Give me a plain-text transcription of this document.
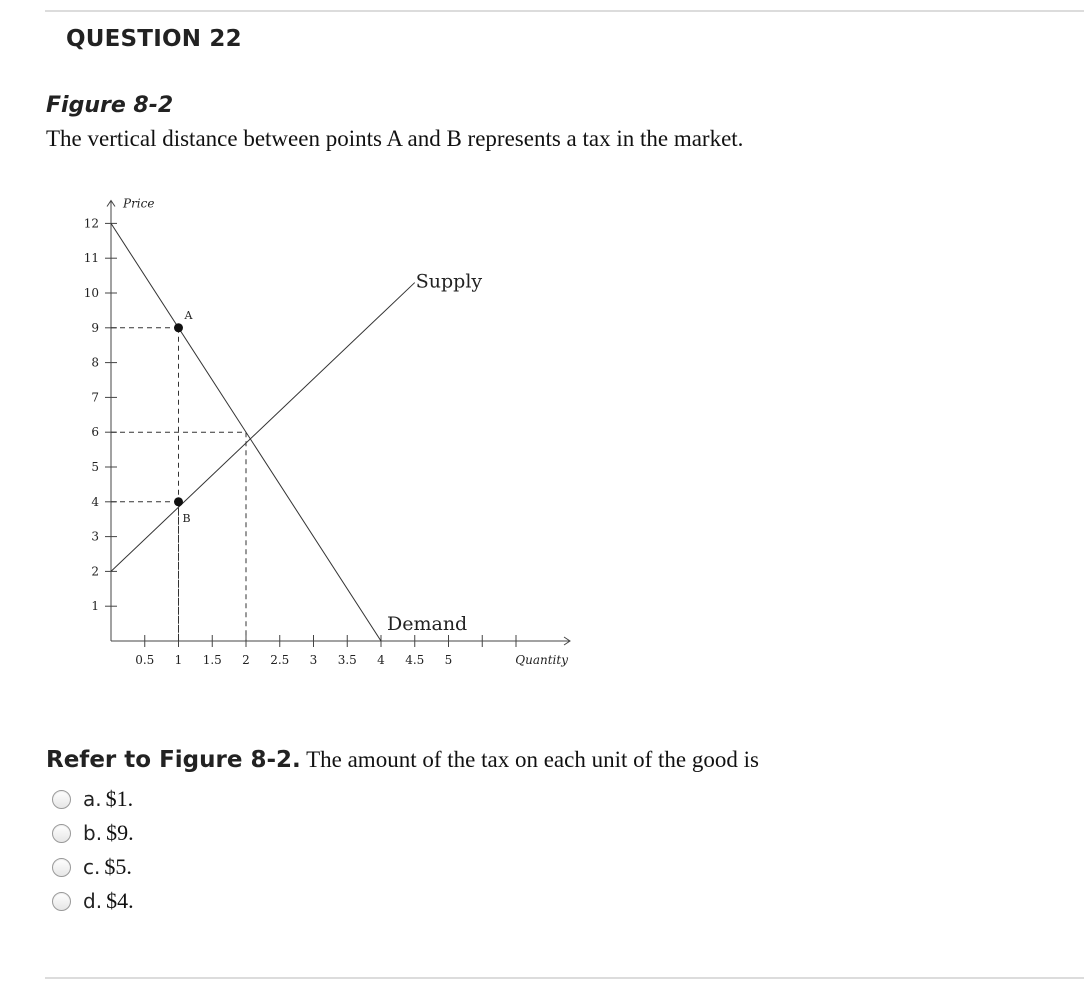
QUESTION 22
Figure 8-2
The vertical distance between points A and B represents a tax in the market.
Price
Quantity
1
2
3
4
5
6
7
8
9
10
11
12
0.5 1 1.5 2 2.5 3 3.5 4 4.5 5
Supply
Demand
A
B
Refer to Figure 8-2. The amount of the tax on each unit of the good is
a. $1.
b. $9.
c. $5.
d. $4.
